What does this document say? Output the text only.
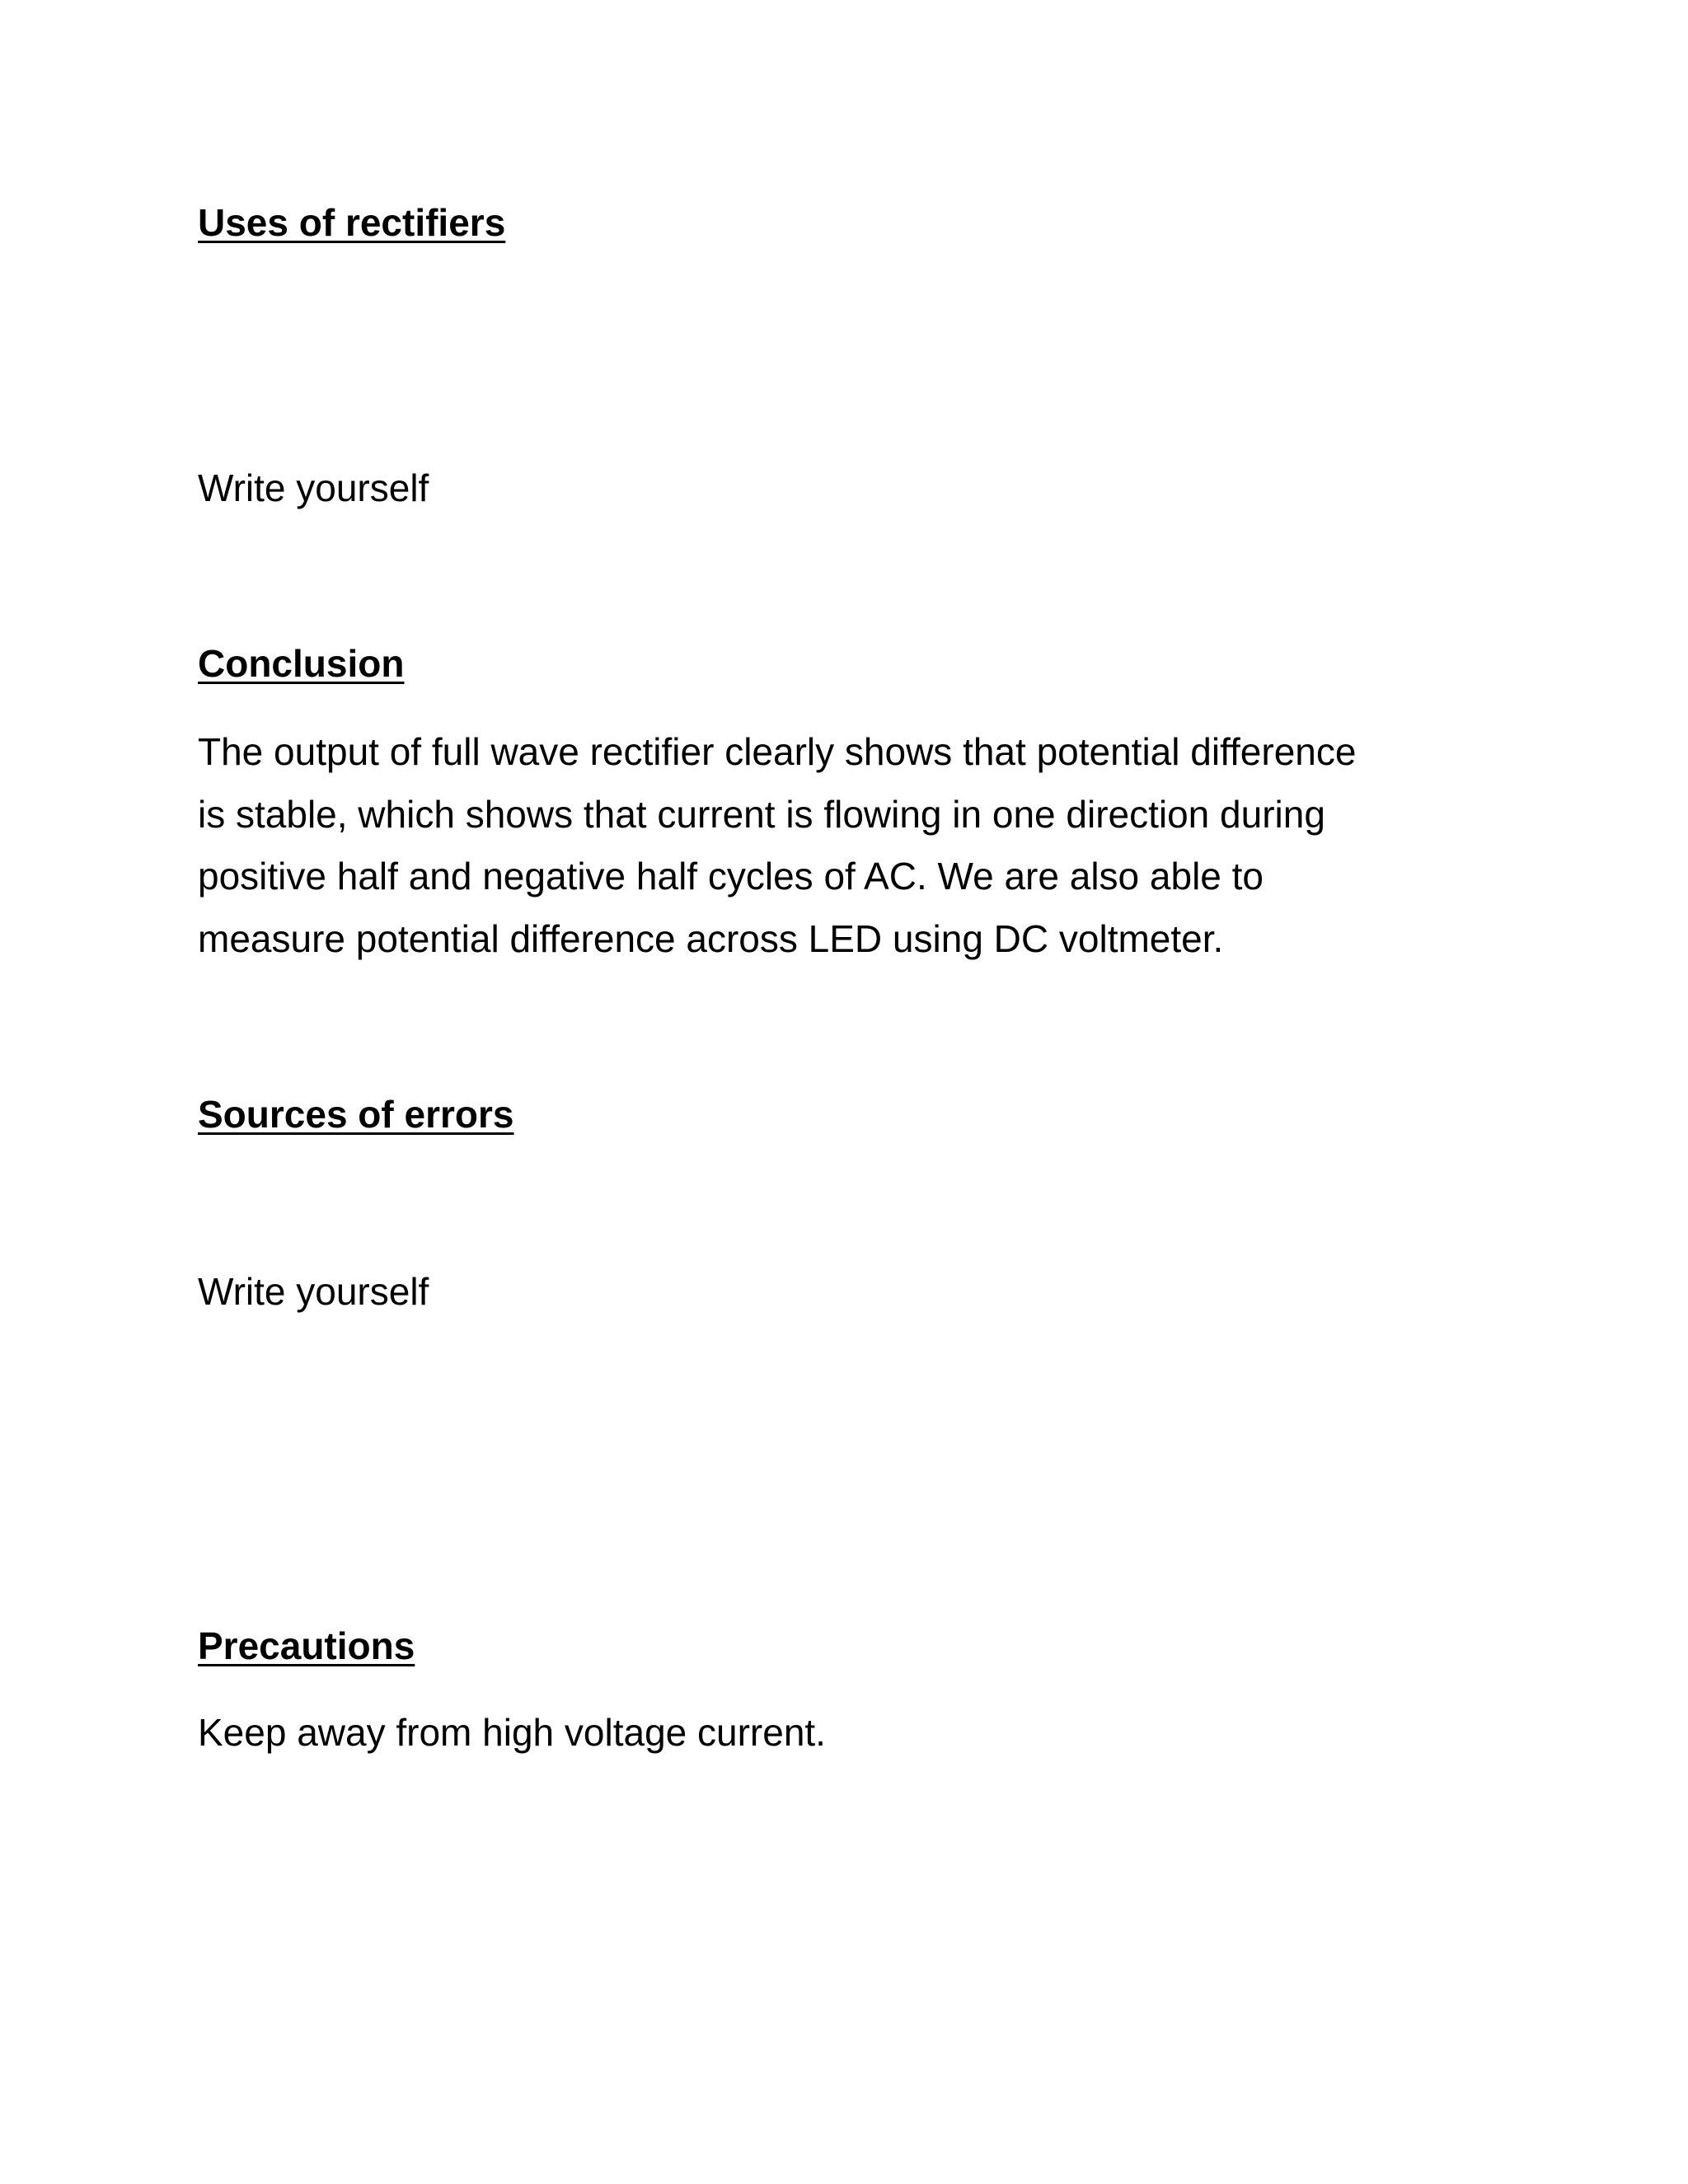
Uses of rectifiers

Write yourself

Conclusion

The output of full wave rectifier clearly shows that potential difference

is stable, which shows that current is flowing in one direction during

positive half and negative half cycles of AC. We are also able to

measure potential difference across LED using DC voltmeter.

Sources of errors

Write yourself

Precautions

Keep away from high voltage current.
